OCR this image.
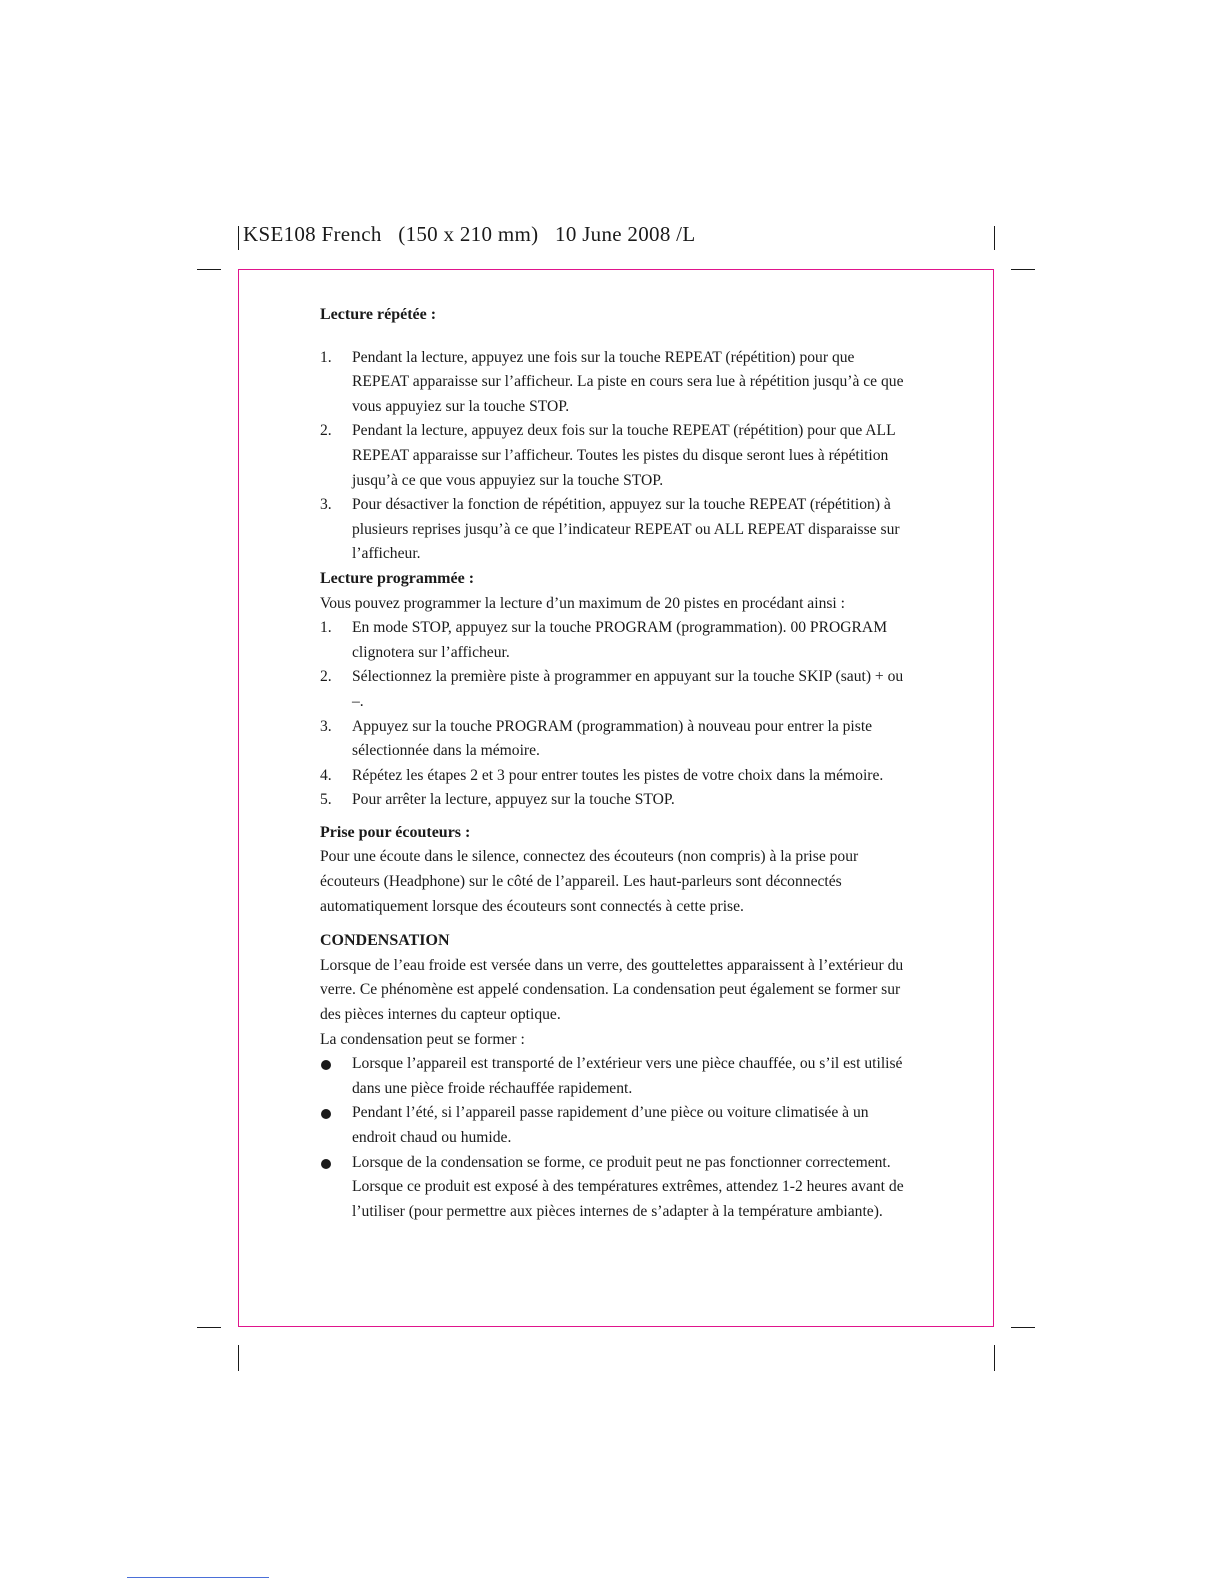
KSE108 French   (150 x 210 mm)   10 June 2008 /L
Lecture répétée :
1. Pendant la lecture, appuyez une fois sur la touche REPEAT (répétition) pour que REPEAT apparaisse sur l’afficheur. La piste en cours sera lue à répétition jusqu’à ce que vous appuyiez sur la touche STOP.
2. Pendant la lecture, appuyez deux fois sur la touche REPEAT (répétition) pour que ALL REPEAT apparaisse sur l’afficheur. Toutes les pistes du disque seront lues à répétition jusqu’à ce que vous appuyiez sur la touche STOP.
3. Pour désactiver la fonction de répétition, appuyez sur la touche REPEAT (répétition) à plusieurs reprises jusqu’à ce que l’indicateur REPEAT ou ALL REPEAT disparaisse sur l’afficheur.
Lecture programmée :

Vous pouvez programmer la lecture d’un maximum de 20 pistes en procédant ainsi :

1. En mode STOP, appuyez sur la touche PROGRAM (programmation). 00 PROGRAM clignotera sur l’afficheur.
2. Sélectionnez la première piste à programmer en appuyant sur la touche SKIP (saut) + ou –.
3. Appuyez sur la touche PROGRAM (programmation) à nouveau pour entrer la piste sélectionnée dans la mémoire.
4. Répétez les étapes 2 et 3 pour entrer toutes les pistes de votre choix dans la mémoire.
5. Pour arrêter la lecture, appuyez sur la touche STOP.
Prise pour écouteurs :

Pour une écoute dans le silence, connectez des écouteurs (non compris) à la prise pour écouteurs (Headphone) sur le côté de l’appareil. Les haut-parleurs sont déconnectés automatiquement lorsque des écouteurs sont connectés à cette prise.

CONDENSATION

Lorsque de l’eau froide est versée dans un verre, des gouttelettes apparaissent à l’extérieur du verre. Ce phénomène est appelé condensation. La condensation peut également se former sur des pièces internes du capteur optique.

La condensation peut se former :

Lorsque l’appareil est transporté de l’extérieur vers une pièce chauffée, ou s’il est utilisé dans une pièce froide réchauffée rapidement.
Pendant l’été, si l’appareil passe rapidement d’une pièce ou voiture climatisée à un endroit chaud ou humide.
Lorsque de la condensation se forme, ce produit peut ne pas fonctionner correctement. Lorsque ce produit est exposé à des températures extrêmes, attendez 1-2 heures avant de l’utiliser (pour permettre aux pièces internes de s’adapter à la température ambiante).
